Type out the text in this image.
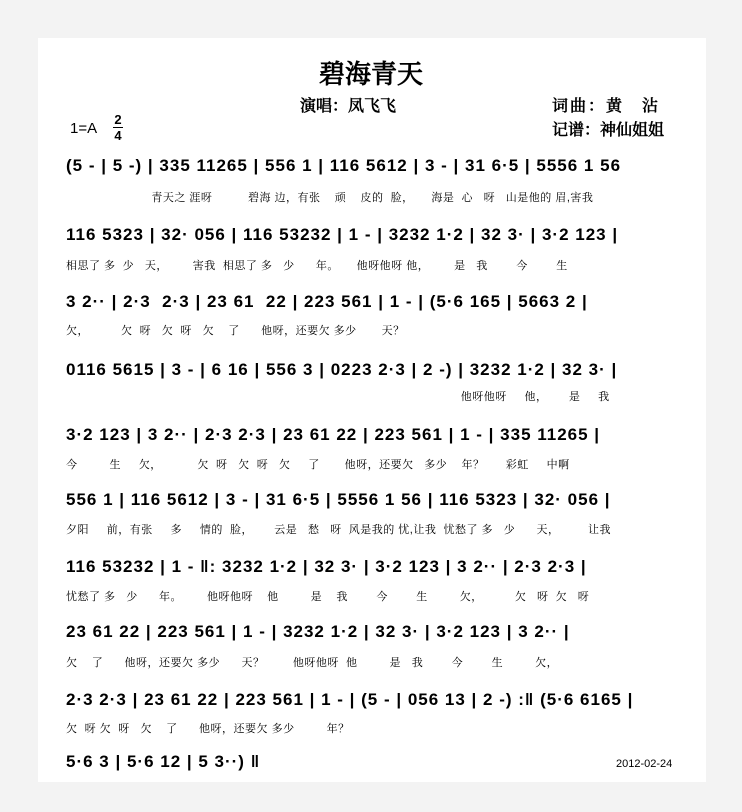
碧海青天
演唱：凤飞飞	词曲：黄　沾
记谱：神仙姐姐
1=A
2
4
(5 - | 5 -) | 335 11265 | 556 1 | 116 5612 | 3 - | 31 6·5 | 5556 1 56
青天之 涯呀          碧海 边，有张    顽    皮的  脸，     海是  心   呀   山是他的 眉,害我
116 5323 | 32· 056 | 116 53232 | 1 - | 3232 1·2 | 32 3· | 3·2 123 |
相思了 多  少   天，       害我  相思了 多   少      年。     他呀他呀 他，       是   我        今        生
3 2·· | 2·3  2·3 | 23 61  22 | 223 561 | 1 - | (5·6 165 | 5663 2 |
欠，         欠  呀   欠  呀   欠    了      他呀，还要欠 多少       天？
0116 5615 | 3 - | 6 16 | 556 3 | 0223 2·3 | 2 -) | 3232 1·2 | 32 3· |
他呀他呀     他，      是     我
3·2 123 | 3 2·· | 2·3 2·3 | 23 61 22 | 223 561 | 1 - | 335 11265 |
今         生     欠，          欠  呀   欠  呀   欠     了       他呀，还要欠   多少    年？      彩虹     中啊
556 1 | 116 5612 | 3 - | 31 6·5 | 5556 1 56 | 116 5323 | 32· 056 |
夕阳     前，有张     多     情的  脸，      云是   愁   呀  风是我的 忧,让我  忧愁了 多   少      天，        让我
116 53232 | 1 - ‖: 3232 1·2 | 32 3· | 3·2 123 | 3 2·· | 2·3 2·3 |
忧愁了 多   少      年。       他呀他呀    他         是    我        今        生         欠，         欠   呀  欠   呀
23 61 22 | 223 561 | 1 - | 3232 1·2 | 32 3· | 3·2 123 | 3 2·· |
欠    了      他呀，还要欠 多少      天？        他呀他呀  他         是   我        今        生         欠，
2·3 2·3 | 23 61 22 | 223 561 | 1 - | (5 - | 056 13 | 2 -) :‖ (5·6 6165 |
欠  呀 欠  呀   欠    了      他呀，还要欠 多少         年？
5·6 3 | 5·6 12 | 5 3··) ‖	2012-02-24
